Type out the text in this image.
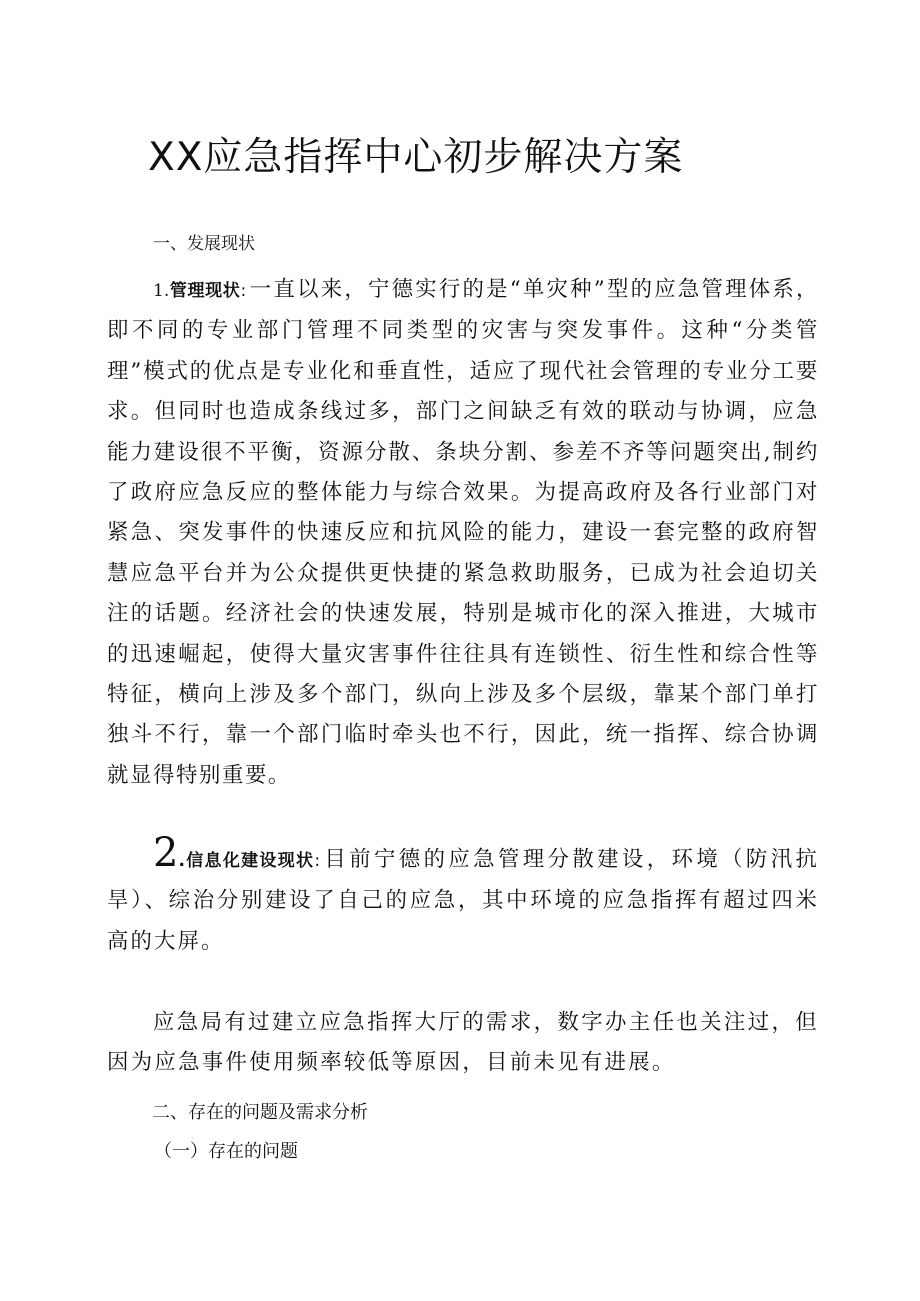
XX应急指挥中心初步解决方案
一、发展现状

1.管理现状: 一直以来，宁德实行的是“单灾种”型的应急管理体系，即不同的专业部门管理不同类型的灾害与突发事件。这种“分类管理”模式的优点是专业化和垂直性，适应了现代社会管理的专业分工要求。但同时也造成条线过多，部门之间缺乏有效的联动与协调，应急能力建设很不平衡，资源分散、条块分割、参差不齐等问题突出,制约了政府应急反应的整体能力与综合效果。为提高政府及各行业部门对紧急、突发事件的快速反应和抗风险的能力，建设一套完整的政府智慧应急平台并为公众提供更快捷的紧急救助服务，已成为社会迫切关注的话题。经济社会的快速发展，特别是城市化的深入推进，大城市的迅速崛起，使得大量灾害事件往往具有连锁性、衍生性和综合性等特征，横向上涉及多个部门，纵向上涉及多个层级，靠某个部门单打独斗不行，靠一个部门临时牵头也不行，因此，统一指挥、综合协调就显得特别重要。

2.信息化建设现状: 目前宁德的应急管理分散建设，环境（防汛抗旱）、综治分别建设了自己的应急，其中环境的应急指挥有超过四米高的大屏。

应急局有过建立应急指挥大厅的需求，数字办主任也关注过，但因为应急事件使用频率较低等原因，目前未见有进展。

二、存在的问题及需求分析
（一）存在的问题
